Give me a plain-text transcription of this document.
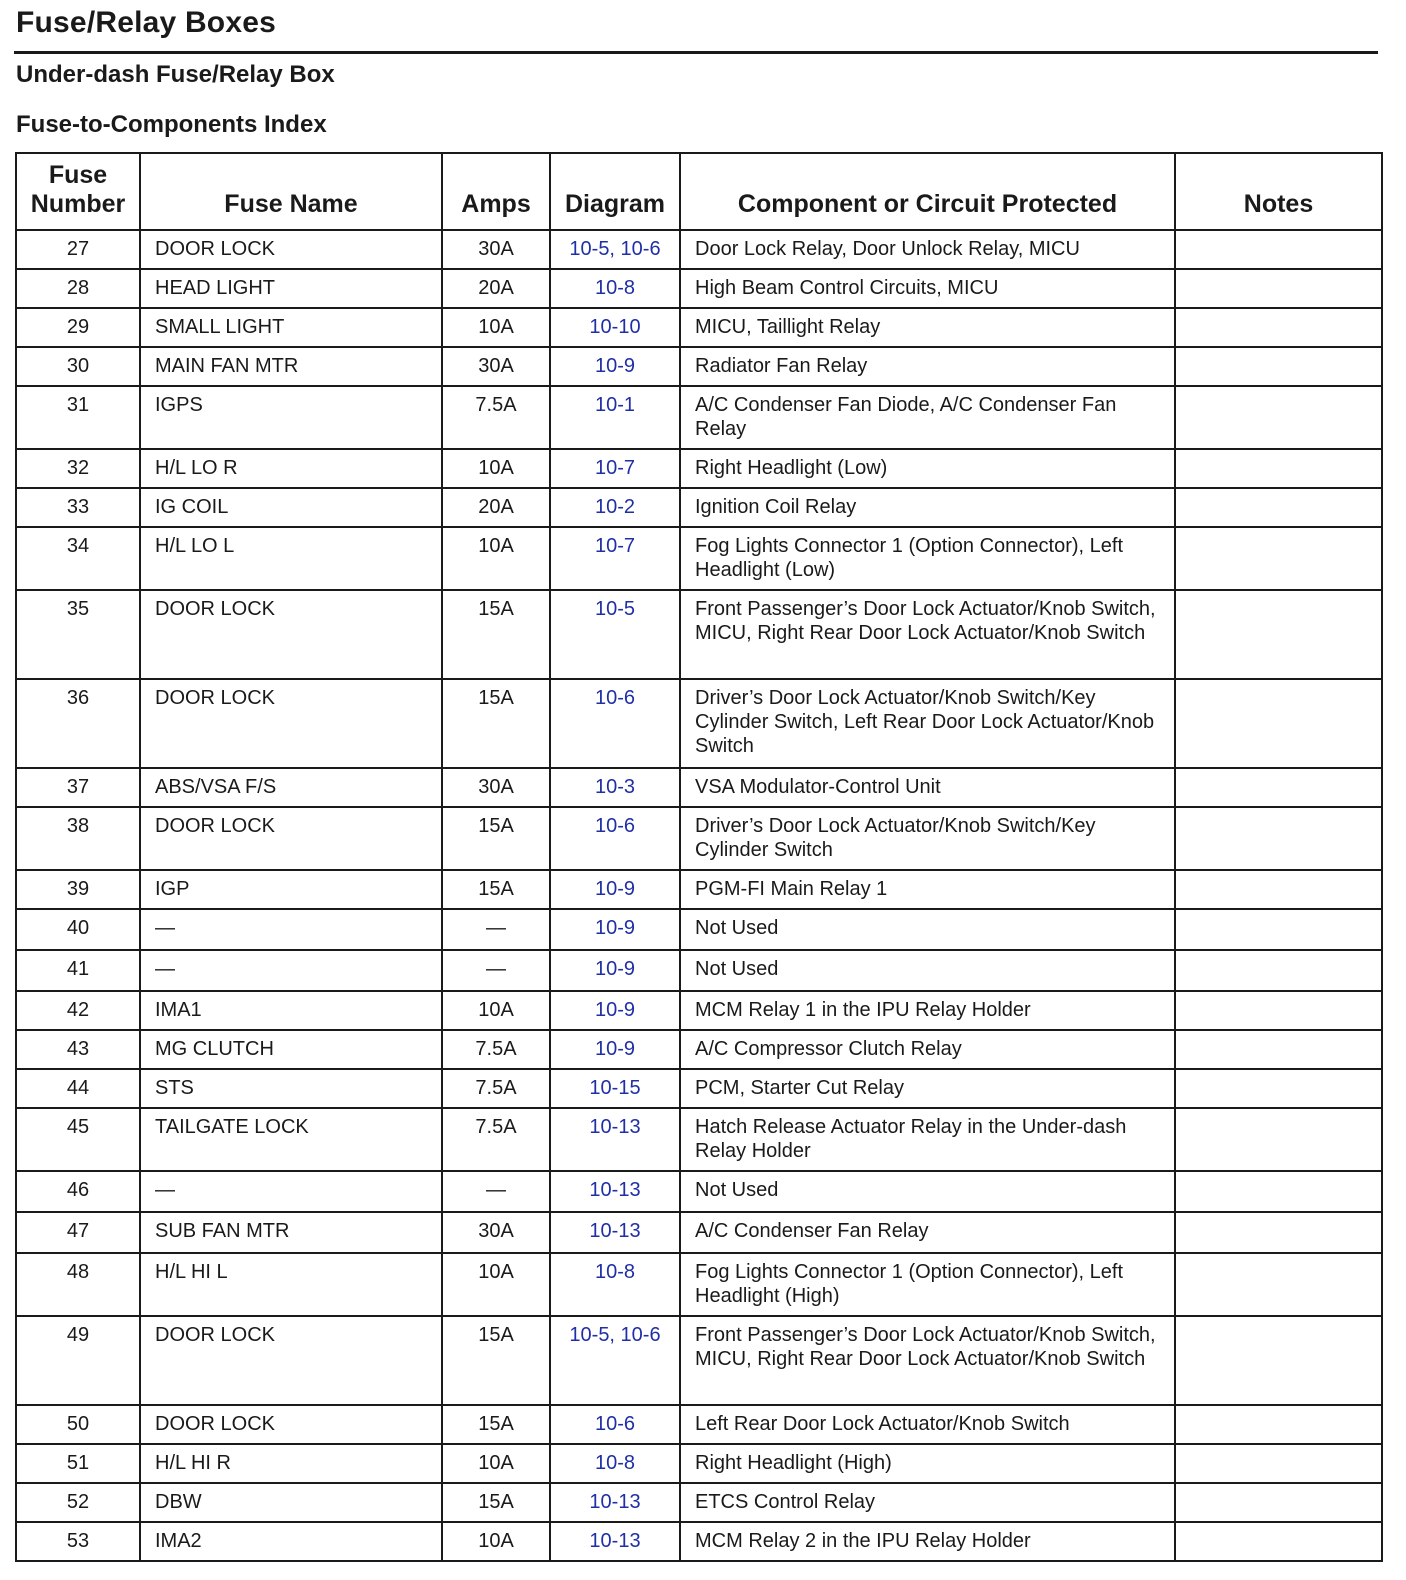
Fuse/Relay Boxes
Under-dash Fuse/Relay Box
Fuse-to-Components Index
Fuse
Number	Fuse Name	Amps	Diagram	Component or Circuit Protected	Notes
27	DOOR LOCK	30A	10-5, 10-6	Door Lock Relay, Door Unlock Relay, MICU	
28	HEAD LIGHT	20A	10-8	High Beam Control Circuits, MICU	
29	SMALL LIGHT	10A	10-10	MICU, Taillight Relay	
30	MAIN FAN MTR	30A	10-9	Radiator Fan Relay	
31	IGPS	7.5A	10-1	A/C Condenser Fan Diode, A/C Condenser Fan Relay	
32	H/L LO R	10A	10-7	Right Headlight (Low)	
33	IG COIL	20A	10-2	Ignition Coil Relay	
34	H/L LO L	10A	10-7	Fog Lights Connector 1 (Option Connector), Left Headlight (Low)	
35	DOOR LOCK	15A	10-5	Front Passenger’s Door Lock Actuator/Knob Switch, MICU, Right Rear Door Lock Actuator/Knob Switch	
36	DOOR LOCK	15A	10-6	Driver’s Door Lock Actuator/Knob Switch/Key Cylinder Switch, Left Rear Door Lock Actuator/Knob Switch	
37	ABS/VSA F/S	30A	10-3	VSA Modulator-Control Unit	
38	DOOR LOCK	15A	10-6	Driver’s Door Lock Actuator/Knob Switch/Key Cylinder Switch	
39	IGP	15A	10-9	PGM-FI Main Relay 1	
40	—	—	10-9	Not Used	
41	—	—	10-9	Not Used	
42	IMA1	10A	10-9	MCM Relay 1 in the IPU Relay Holder	
43	MG CLUTCH	7.5A	10-9	A/C Compressor Clutch Relay	
44	STS	7.5A	10-15	PCM, Starter Cut Relay	
45	TAILGATE LOCK	7.5A	10-13	Hatch Release Actuator Relay in the Under-dash Relay Holder	
46	—	—	10-13	Not Used	
47	SUB FAN MTR	30A	10-13	A/C Condenser Fan Relay	
48	H/L HI L	10A	10-8	Fog Lights Connector 1 (Option Connector), Left Headlight (High)	
49	DOOR LOCK	15A	10-5, 10-6	Front Passenger’s Door Lock Actuator/Knob Switch, MICU, Right Rear Door Lock Actuator/Knob Switch	
50	DOOR LOCK	15A	10-6	Left Rear Door Lock Actuator/Knob Switch	
51	H/L HI R	10A	10-8	Right Headlight (High)	
52	DBW	15A	10-13	ETCS Control Relay	
53	IMA2	10A	10-13	MCM Relay 2 in the IPU Relay Holder	
